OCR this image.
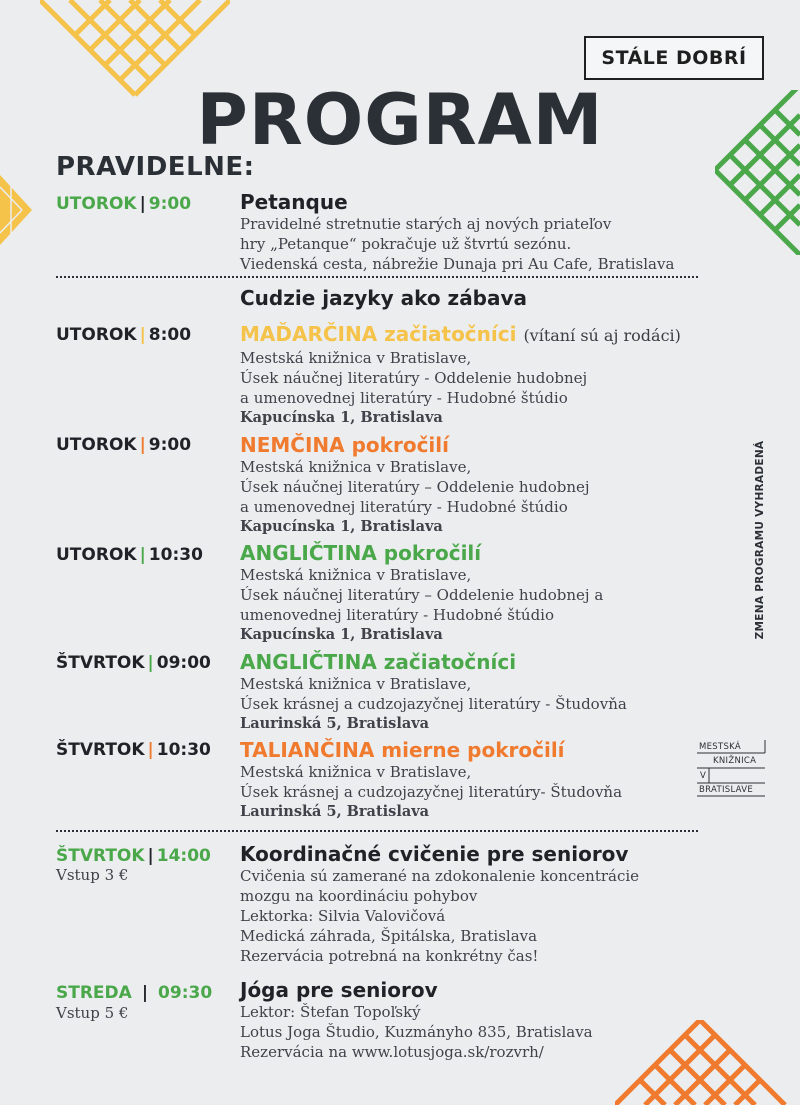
STÁLE DOBRÍ
PROGRAM
PRAVIDELNE:
UTOROK | 9:00 Petanque
Pravidelné stretnutie starých aj nových priateľov
hry „Petanque“ pokračuje už štvrtú sezónu.
Viedenská cesta, nábrežie Dunaja pri Au Cafe, Bratislava
Cudzie jazyky ako zábava
UTOROK | 8:00 MAĎARČINA začiatočníci (vítaní sú aj rodáci)
Mestská knižnica v Bratislave,
Úsek náučnej literatúry - Oddelenie hudobnej
a umenovednej literatúry - Hudobné štúdio
Kapucínska 1, Bratislava
UTOROK | 9:00 NEMČINA pokročilí
Mestská knižnica v Bratislave,
Úsek náučnej literatúry – Oddelenie hudobnej
a umenovednej literatúry - Hudobné štúdio
Kapucínska 1, Bratislava
UTOROK | 10:30 ANGLIČTINA pokročilí
Mestská knižnica v Bratislave,
Úsek náučnej literatúry – Oddelenie hudobnej a
umenovednej literatúry - Hudobné štúdio
Kapucínska 1, Bratislava
ŠTVRTOK | 09:00 ANGLIČTINA začiatočníci
Mestská knižnica v Bratislave,
Úsek krásnej a cudzojazyčnej literatúry - Študovňa
Laurinská 5, Bratislava
ŠTVRTOK | 10:30 TALIANČINA mierne pokročilí
Mestská knižnica v Bratislave,
Úsek krásnej a cudzojazyčnej literatúry- Študovňa
Laurinská 5, Bratislava
ŠTVRTOK | 14:00
Vstup 3 €
Koordinačné cvičenie pre seniorov
Cvičenia sú zamerané na zdokonalenie koncentrácie
mozgu na koordináciu pohybov
Lektorka: Silvia Valovičová
Medická záhrada, Špitálska, Bratislava
Rezervácia potrebná na konkrétny čas!
STREDA | 09:30
Vstup 5 €
Jóga pre seniorov
Lektor: Štefan Topoľský
Lotus Joga Študio, Kuzmányho 835, Bratislava
Rezervácia na www.lotusjoga.sk/rozvrh/
ZMENA PROGRAMU VYHRADENÁ
MESTSKÁ
KNIŽNICA
V
BRATISLAVE
